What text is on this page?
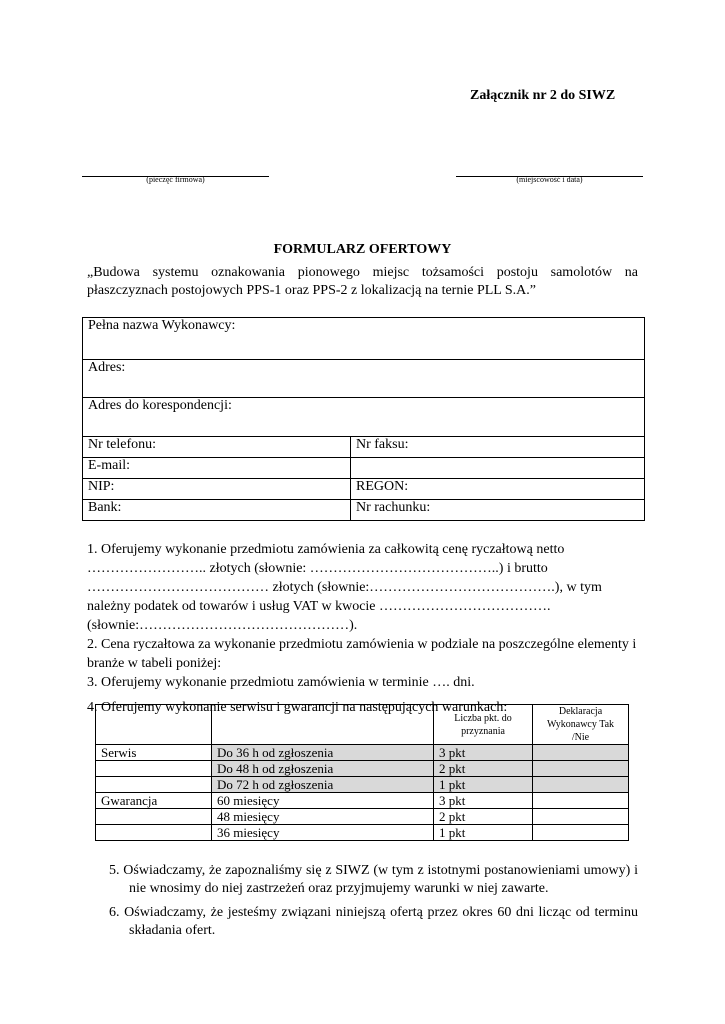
Załącznik nr 2 do SIWZ
(pieczęć firmowa)	(miejscowość i data)
FORMULARZ OFERTOWY
„Budowa systemu oznakowania pionowego miejsc tożsamości postoju samolotów na płaszczyznach postojowych PPS-1 oraz PPS-2 z lokalizacją na ternie PLL S.A.”
Pełna nazwa Wykonawcy:	
Adres:	
Adres do korespondencji:	
Nr telefonu:	Nr faksu:
E-mail:	
NIP:	REGON:
Bank:	Nr rachunku:

1. Oferujemy wykonanie przedmiotu zamówienia za całkowitą cenę ryczałtową netto …………………….. złotych (słownie: …………………………………..) i brutto ………………………………… złotych (słownie:………………………………….), w tym należny podatek od towarów i usług VAT w kwocie ……………………………….(słownie:………………………………………).

2. Cena ryczałtowa za wykonanie przedmiotu zamówienia w podziale na poszczególne elementy i branże w tabeli poniżej:

3. Oferujemy wykonanie przedmiotu zamówienia w terminie …. dni.

4. Oferujemy wykonanie serwisu i gwarancji na następujących warunkach:

		Liczba pkt. do przyznania	Deklaracja Wykonawcy Tak /Nie
Serwis	Do 36 h od zgłoszenia	3 pkt	
	Do 48 h od zgłoszenia	2 pkt	
	Do 72 h od zgłoszenia	1 pkt	
Gwarancja	60 miesięcy	3 pkt	
	48 miesięcy	2 pkt	
	36 miesięcy	1 pkt	

5. Oświadczamy, że zapoznaliśmy się z SIWZ (w tym z istotnymi postanowieniami umowy) i nie wnosimy do niej zastrzeżeń oraz przyjmujemy warunki w niej zawarte.

6. Oświadczamy, że jesteśmy związani niniejszą ofertą przez okres 60 dni licząc od terminu składania ofert.
